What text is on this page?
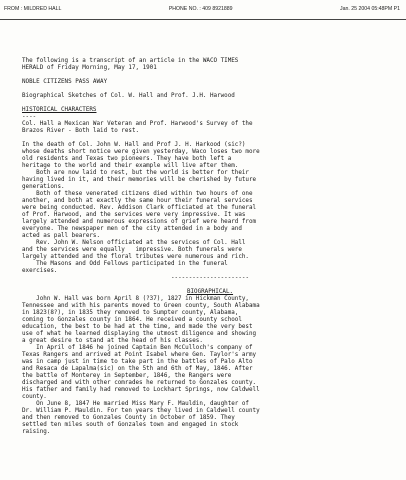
FROM : MILDRED HALL	PHONE NO. : 409 8921889	Jan. 25 2004 05:48PM P1
The following is a transcript of an article in the WACO TIMES
HERALD of Friday Morning, May 17, 1901
NOBLE CITIZENS PASS AWAY
Biographical Sketches of Col. W. Hall and Prof. J.H. Harwood
HISTORICAL CHARACTERS
----
Col. Hall a Mexican War Veteran and Prof. Harwood's Survey of the
Brazos River - Both laid to rest.
In the death of Col. John W. Hall and Prof J. H. Harkood (sic?)
whose deaths short notice were given yesterday, Waco loses two more
old residents and Texas two pioneers. They have both left a
heritage to the world and their example will live after them.
Both are now laid to rest, but the world is better for their
having lived in it, and their memories will be cherished by future
generations.
Both of these venerated citizens died within two hours of one
another, and both at exactly the same hour their funeral services
were being conducted. Rev. Addison Clark officiated at the funeral
of Prof. Harwood, and the services were very impressive. It was
largely attended and numerous expressions of grief were heard from
everyone. The newspaper men of the city attended in a body and
acted as pall bearers.
Rev. John W. Nelson officiated at the services of Col. Hall
and the services were equally   impressive. Both funerals were
largely attended and the floral tributes were numerous and rich.
The Masons and Odd Fellows participated in the funeral
exercises.
----------------------
BIOGRAPHICAL.
John W. Hall was born April 8 (?37), 1827 in Hickman County,
Tennessee and with his parents moved to Green county, South Alabama
in 1823(8?), in 1835 they removed to Sumpter county, Alabama,
coming to Gonzales county in 1864. He received a county school
education, the best to be had at the time, and made the very best
use of what he learned displaying the utmost diligence and showing
a great desire to stand at the head of his classes.
In April of 1846 he joined Captain Ben McCulloch's company of
Texas Rangers and arrived at Point Isabel where Gen. Taylor's army
was in camp just in time to take part in the battles of Palo Alto
and Resaca de Lapalma(sic) on the 5th and 6th of May, 1846. After
the battle of Monterey in September, 1846, the Rangers were
discharged and with other comrades he returned to Gonzales county.
His father and family had removed to Lockhart Springs, now Caldwell
county.
On June 8, 1847 He married Miss Mary F. Mauldin, daughter of
Dr. William P. Mauldin. For ten years they lived in Caldwell county
and then removed to Gonzales County in October of 1859. They
settled ten miles south of Gonzales town and engaged in stock
raising.
